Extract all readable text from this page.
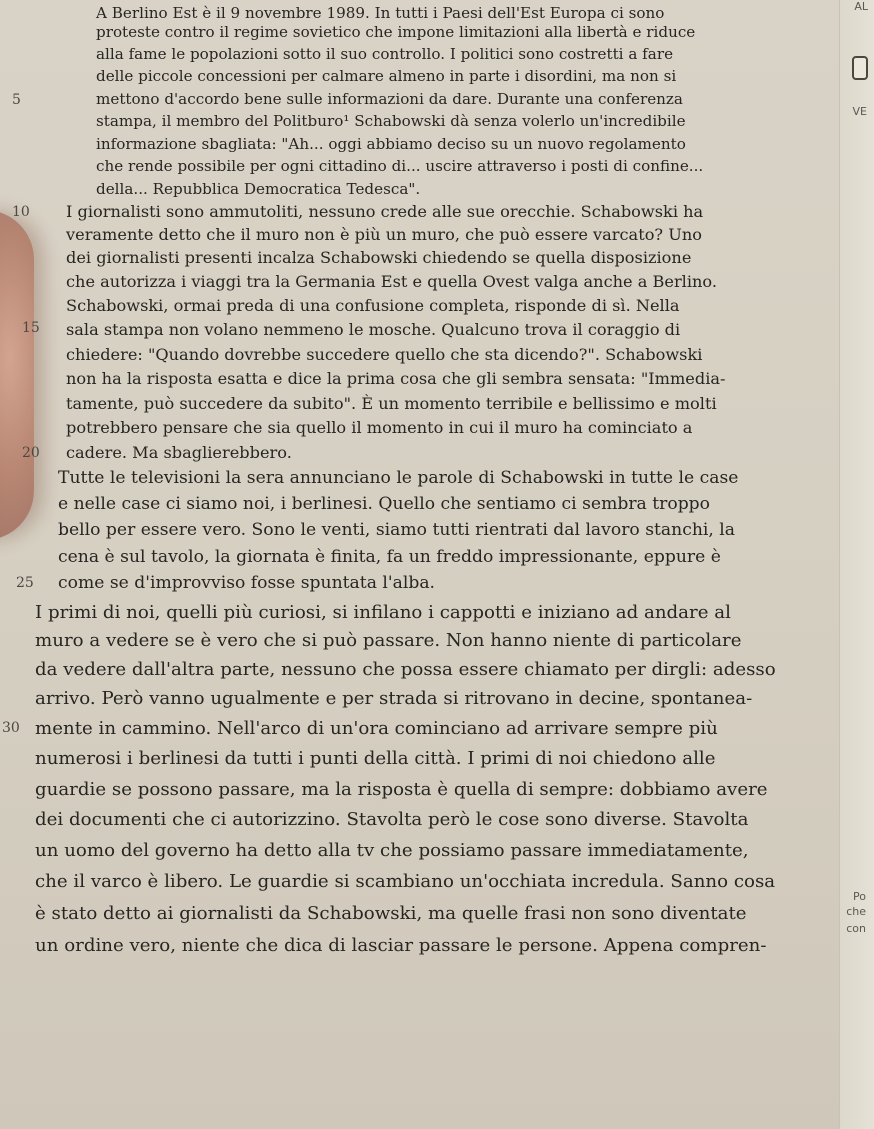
A Berlino Est è il 9 novembre 1989. In tutti i Paesi dell'Est Europa ci sono
proteste contro il regime sovietico che impone limitazioni alla libertà e riduce
alla fame le popolazioni sotto il suo controllo. I politici sono costretti a fare
delle piccole concessioni per calmare almeno in parte i disordini, ma non si
mettono d'accordo bene sulle informazioni da dare. Durante una conferenza
stampa, il membro del Politburo¹ Schabowski dà senza volerlo un'incredibile
informazione sbagliata: "Ah... oggi abbiamo deciso su un nuovo regolamento
che rende possibile per ogni cittadino di... uscire attraverso i posti di confine...
della... Repubblica Democratica Tedesca".
I giornalisti sono ammutoliti, nessuno crede alle sue orecchie. Schabowski ha
veramente detto che il muro non è più un muro, che può essere varcato? Uno
dei giornalisti presenti incalza Schabowski chiedendo se quella disposizione
che autorizza i viaggi tra la Germania Est e quella Ovest valga anche a Berlino.
Schabowski, ormai preda di una confusione completa, risponde di sì. Nella
sala stampa non volano nemmeno le mosche. Qualcuno trova il coraggio di
chiedere: "Quando dovrebbe succedere quello che sta dicendo?". Schabowski
non ha la risposta esatta e dice la prima cosa che gli sembra sensata: "Immedia-
tamente, può succedere da subito". È un momento terribile e bellissimo e molti
potrebbero pensare che sia quello il momento in cui il muro ha cominciato a
cadere. Ma sbaglierebbero.
Tutte le televisioni la sera annunciano le parole di Schabowski in tutte le case
e nelle case ci siamo noi, i berlinesi. Quello che sentiamo ci sembra troppo
bello per essere vero. Sono le venti, siamo tutti rientrati dal lavoro stanchi, la
cena è sul tavolo, la giornata è finita, fa un freddo impressionante, eppure è
come se d'improvviso fosse spuntata l'alba.
I primi di noi, quelli più curiosi, si infilano i cappotti e iniziano ad andare al
muro a vedere se è vero che si può passare. Non hanno niente di particolare
da vedere dall'altra parte, nessuno che possa essere chiamato per dirgli: adesso
arrivo. Però vanno ugualmente e per strada si ritrovano in decine, spontanea-
mente in cammino. Nell'arco di un'ora cominciano ad arrivare sempre più
numerosi i berlinesi da tutti i punti della città. I primi di noi chiedono alle
guardie se possono passare, ma la risposta è quella di sempre: dobbiamo avere
dei documenti che ci autorizzino. Stavolta però le cose sono diverse. Stavolta
un uomo del governo ha detto alla tv che possiamo passare immediatamente,
che il varco è libero. Le guardie si scambiano un'occhiata incredula. Sanno cosa
è stato detto ai giornalisti da Schabowski, ma quelle frasi non sono diventate
un ordine vero, niente che dica di lasciar passare le persone. Appena compren-
5
10
15
20
25
30
AL
VE
Po
che
con
